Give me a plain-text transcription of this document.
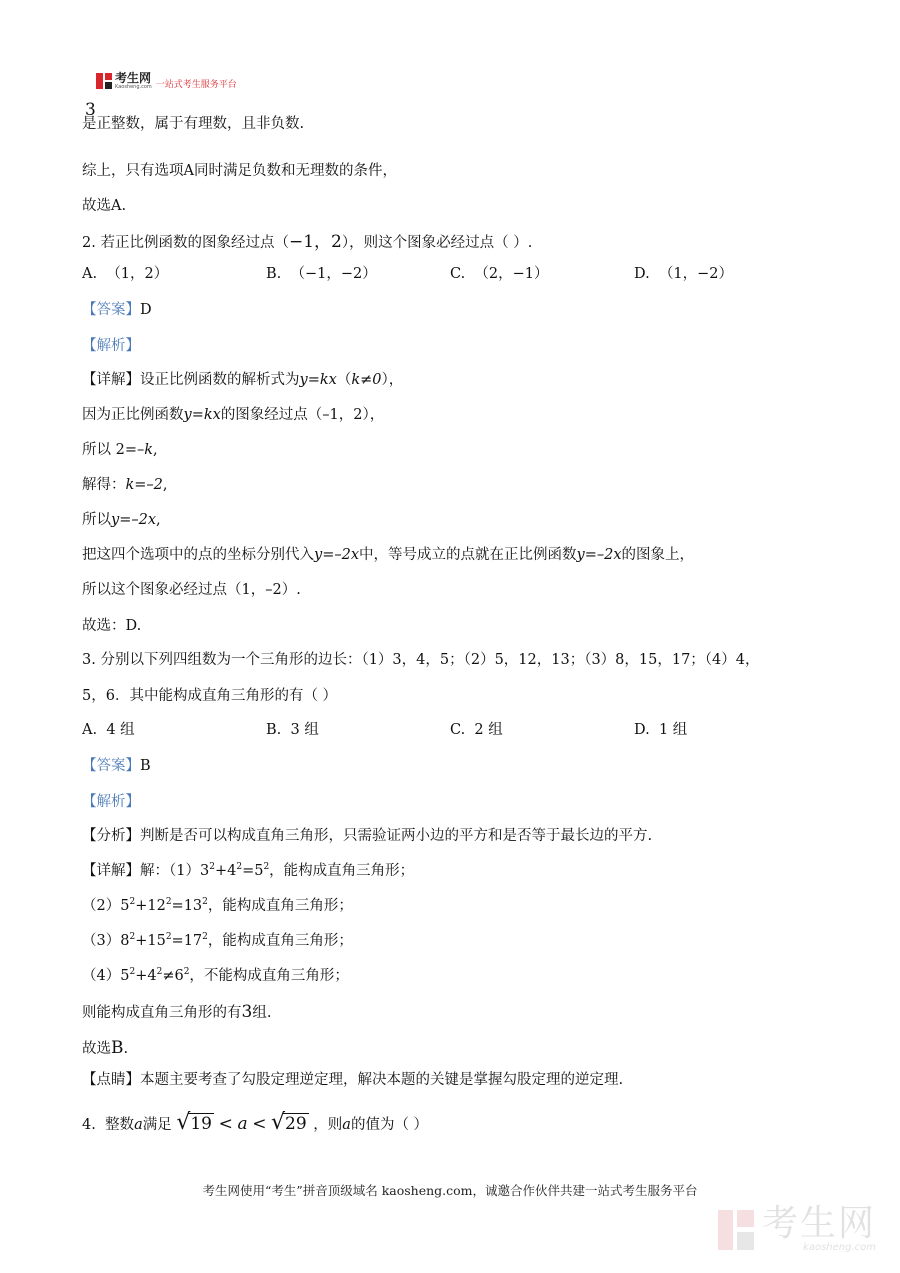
考生网
Kaosheng.com 一站式考生服务平台
3
是正整数，属于有理数，且非负数.
综上，只有选项A同时满足负数和无理数的条件，
故选A.
2. 若正比例函数的图象经过点（−1，2），则这个图象必经过点（ ）.
A. （1，2）	B. （−1，−2）	C. （2，−1）	D. （1，−2）
【答案】D
【解析】
【详解】设正比例函数的解析式为y=kx（k≠0），
因为正比例函数y=kx的图象经过点（–1，2），
所以 2=–k,
解得：k=–2,
所以y=–2x,
把这四个选项中的点的坐标分别代入y=–2x中，等号成立的点就在正比例函数y=–2x的图象上，
所以这个图象必经过点（1，–2）.
故选：D.
3. 分别以下列四组数为一个三角形的边长：（1）3，4，5；（2）5，12，13；（3）8，15，17；（4）4，
5，6．其中能构成直角三角形的有（ ）
A. 4 组	B. 3 组	C. 2 组	D. 1 组
【答案】B
【解析】
【分析】判断是否可以构成直角三角形，只需验证两小边的平方和是否等于最长边的平方.
【详解】解：$(1)3^2+4^2=5^2$，能构成直角三角形；
$(2)5^2+12^2=13^2$，能构成直角三角形；
$(3)8^2+15^2=17^2$，能构成直角三角形；
$(4)5^2+4^2\ne 6^2$，不能构成直角三角形；
则能构成直角三角形的有3组.
故选B.
【点睛】本题主要考查了勾股定理逆定理，解决本题的关键是掌握勾股定理的逆定理.
4. 整数a满足 √ 19 < a < √ 29 ，则a的值为（ ）
考生网使用“考生”拼音顶级域名 kaosheng.com，诚邀合作伙伴共建一站式考生服务平台
考生网
kaosheng.com
